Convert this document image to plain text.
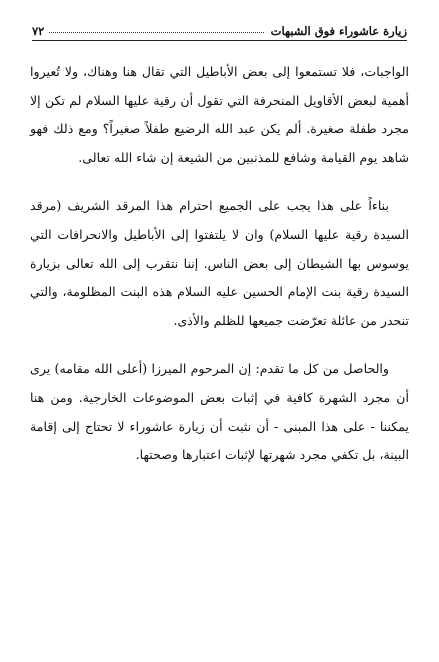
زيارة عاشوراء فوق الشبهات
٧٢

الواجبات، فلا تستمعوا إلى بعض الأباطيل التي تقال هنا وهناك، ولا تُعيروا أهمية لبعض الأقاويل المنحرفة التي تقول أن رقية عليها السلام لم تكن إلا مجرد طفلة صغيرة. ألم يكن عبد الله الرضيع طفلاً صغيراً؟ ومع ذلك فهو شاهد يوم القيامة وشافع للمذنبين من الشيعة إن شاء الله تعالى.

بناءاً على هذا يجب على الجميع احترام هذا المرقد الشريف (مرقد السيدة رقية عليها السلام) وان لا يلتفتوا إلى الأباطيل والانحرافات التي يوسوس بها الشيطان إلى بعض الناس. إننا نتقرب إلى الله تعالى بزيارة السيدة رقية بنت الإمام الحسين عليه السلام هذه البنت المظلومة، والتي تنحدر من عائلة تعرّضت جميعها للظلم والأذى.

والحاصل من كل ما تقدم: إن المرحوم الميرزا (أعلى الله مقامه) يرى أن مجرد الشهرة كافية في إثبات بعض الموضوعات الخارجية. ومن هنا يمكننا - على هذا المبنى - أن نثبت أن زيارة عاشوراء لا تحتاج إلى إقامة البينة، بل تكفي مجرد شهرتها لإثبات اعتبارها وصحتها.
